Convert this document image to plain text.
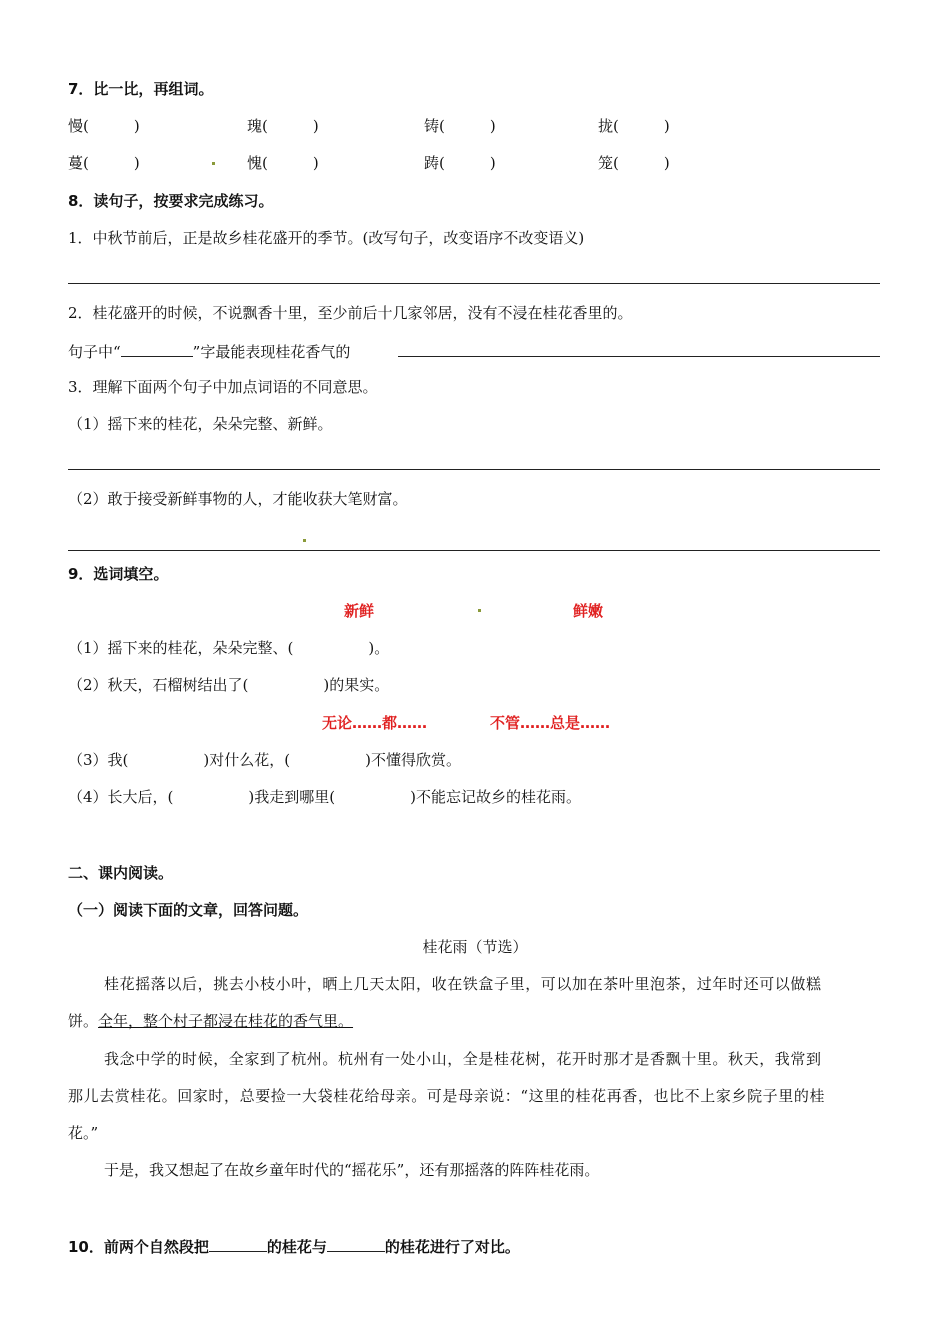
7．比一比，再组词。
慢(　　　)	瑰(　　　)	铸(　　　)	拢(　　　)
蔓(　　　)	愧(　　　)	踌(　　　)	笼(　　　)
8．读句子，按要求完成练习。
1．中秋节前后，正是故乡桂花盛开的季节。(改写句子，改变语序不改变语义)
2．桂花盛开的时候，不说飘香十里，至少前后十几家邻居，没有不浸在桂花香里的。
句子中“	”字最能表现桂花香气的
3．理解下面两个句子中加点词语的不同意思。
（1）摇下来的桂花，朵朵完整、新鲜。
（2）敢于接受新鲜事物的人，才能收获大笔财富。
9．选词填空。
新鲜	鲜嫩
（1）摇下来的桂花，朵朵完整、(　　　　　)。
（2）秋天，石榴树结出了(　　　　　)的果实。
无论……都……	不管……总是……
（3）我(　　　　　)对什么花，(　　　　　)不懂得欣赏。
（4）长大后，(　　　　　)我走到哪里(　　　　　)不能忘记故乡的桂花雨。
二、课内阅读。
（一）阅读下面的文章，回答问题。
桂花雨（节选）
桂花摇落以后，挑去小枝小叶，晒上几天太阳，收在铁盒子里，可以加在茶叶里泡茶，过年时还可以做糕
饼。全年，整个村子都浸在桂花的香气里。
我念中学的时候，全家到了杭州。杭州有一处小山，全是桂花树，花开时那才是香飘十里。秋天，我常到
那儿去赏桂花。回家时，总要捡一大袋桂花给母亲。可是母亲说：“这里的桂花再香，也比不上家乡院子里的桂
花。”
于是，我又想起了在故乡童年时代的“摇花乐”，还有那摇落的阵阵桂花雨。
10．前两个自然段把	的桂花与	的桂花进行了对比。
